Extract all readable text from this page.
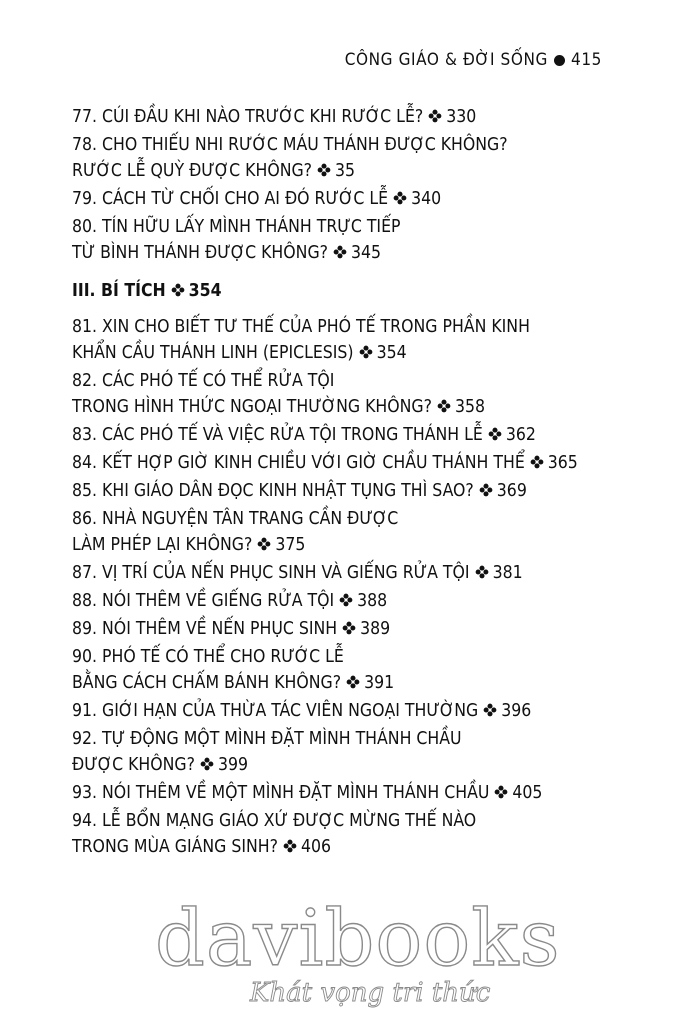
CÔNG GIÁO & ĐỜI SỐNG 415
77. CÚI ĐẦU KHI NÀO TRƯỚC KHI RƯỚC LỄ? 330
78. CHO THIẾU NHI RƯỚC MÁU THÁNH ĐƯỢC KHÔNG?
RƯỚC LỄ QUỲ ĐƯỢC KHÔNG? 35
79. CÁCH TỪ CHỐI CHO AI ĐÓ RƯỚC LỄ 340
80. TÍN HỮU LẤY MÌNH THÁNH TRỰC TIẾP
TỪ BÌNH THÁNH ĐƯỢC KHÔNG? 345
III. BÍ TÍCH 354
81. XIN CHO BIẾT TƯ THẾ CỦA PHÓ TẾ TRONG PHẦN KINH
KHẨN CẦU THÁNH LINH (EPICLESIS) 354
82. CÁC PHÓ TẾ CÓ THỂ RỬA TỘI
TRONG HÌNH THỨC NGOẠI THƯỜNG KHÔNG? 358
83. CÁC PHÓ TẾ VÀ VIỆC RỬA TỘI TRONG THÁNH LỄ 362
84. KẾT HỢP GIỜ KINH CHIỀU VỚI GIỜ CHẦU THÁNH THỂ 365
85. KHI GIÁO DÂN ĐỌC KINH NHẬT TỤNG THÌ SAO? 369
86. NHÀ NGUYỆN TÂN TRANG CẦN ĐƯỢC
LÀM PHÉP LẠI KHÔNG? 375
87. VỊ TRÍ CỦA NẾN PHỤC SINH VÀ GIẾNG RỬA TỘI 381
88. NÓI THÊM VỀ GIẾNG RỬA TỘI 388
89. NÓI THÊM VỀ NẾN PHỤC SINH 389
90. PHÓ TẾ CÓ THỂ CHO RƯỚC LỄ
BẰNG CÁCH CHẤM BÁNH KHÔNG? 391
91. GIỚI HẠN CỦA THỪA TÁC VIÊN NGOẠI THƯỜNG 396
92. TỰ ĐỘNG MỘT MÌNH ĐẶT MÌNH THÁNH CHẦU
ĐƯỢC KHÔNG? 399
93. NÓI THÊM VỀ MỘT MÌNH ĐẶT MÌNH THÁNH CHẦU 405
94. LỄ BỔN MẠNG GIÁO XỨ ĐƯỢC MỪNG THẾ NÀO
TRONG MÙA GIÁNG SINH? 406
davibooks
Khát vọng tri thức
